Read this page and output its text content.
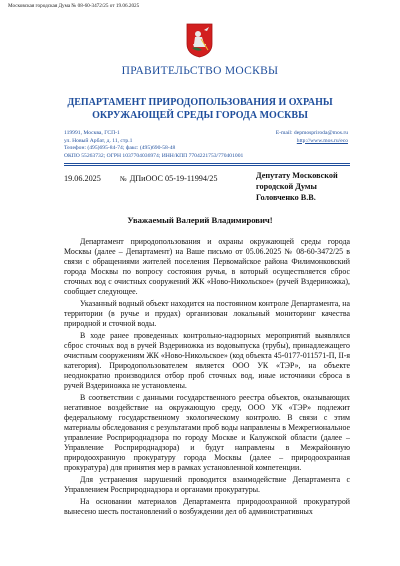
Московская городская Дума № 08-60-3472/25 от 19.06.2025
ПРАВИТЕЛЬСТВО МОСКВЫ
ДЕПАРТАМЕНТ ПРИРОДОПОЛЬЗОВАНИЯ И ОХРАНЫ
ОКРУЖАЮЩЕЙ СРЕДЫ ГОРОДА МОСКВЫ
119991, Москва, ГСП-1
ул. Новый Арбат, д. 11, стр.1
Телефон: (495)695-84-74; факс: (495)690-58-48
ОКПО 55263732; ОГРН 1037704036974; ИНН/КПП 7704221753/770401001
E-mail: depmospriroda@mos.ru
http://www.mos.ru/eco
19.06.2025	№ ДПиООС 05-19-11994/25	Депутату Московской
городской Думы
Головченко В.В.
Уважаемый Валерий Владимирович!

Департамент природопользования и охраны окружающей среды города Москвы (далее – Департамент) на Ваше письмо от 05.06.2025 № 08-60-3472/25 в связи с обращениями жителей поселения Первомайское района Филимонковский города Москвы по вопросу состояния ручья, в который осуществляется сброс сточных вод с очистных сооружений ЖК «Ново-Никольское» (ручей Вздериножка), сообщает следующее.

Указанный водный объект находится на постоянном контроле Департамента, на территории (в ручье и прудах) организован локальный мониторинг качества природной и сточной воды.

В ходе ранее проведенных контрольно-надзорных мероприятий выявлялся сброс сточных вод в ручей Вздериножка из водовыпуска (трубы), принадлежащего очистным сооружениям ЖК «Ново-Никольское» (код объекта 45-0177-011571-П, II-я категория). Природопользователем является ООО УК «ТЭР», на объекте неоднократно производился отбор проб сточных вод, иные источники сброса в ручей Вздериножка не установлены.

В соответствии с данными государственного реестра объектов, оказывающих негативное воздействие на окружающую среду, ООО УК «ТЭР» подлежит федеральному государственному экологическому контролю. В связи с этим материалы обследования с результатами проб воды направлены в Межрегиональное управление Росприроднадзора по городу Москве и Калужской области (далее – Управление Росприроднадзора) и будут направлены в Межрайонную природоохранную прокуратуру города Москвы (далее – природоохранная прокуратура) для принятия мер в рамках установленной компетенции.

Для устранения нарушений проводится взаимодействие Департамента с Управлением Росприроднадзора и органами прокуратуры.

На основании материалов Департамента природоохранной прокуратурой вынесено шесть постановлений о возбуждении дел об административных
